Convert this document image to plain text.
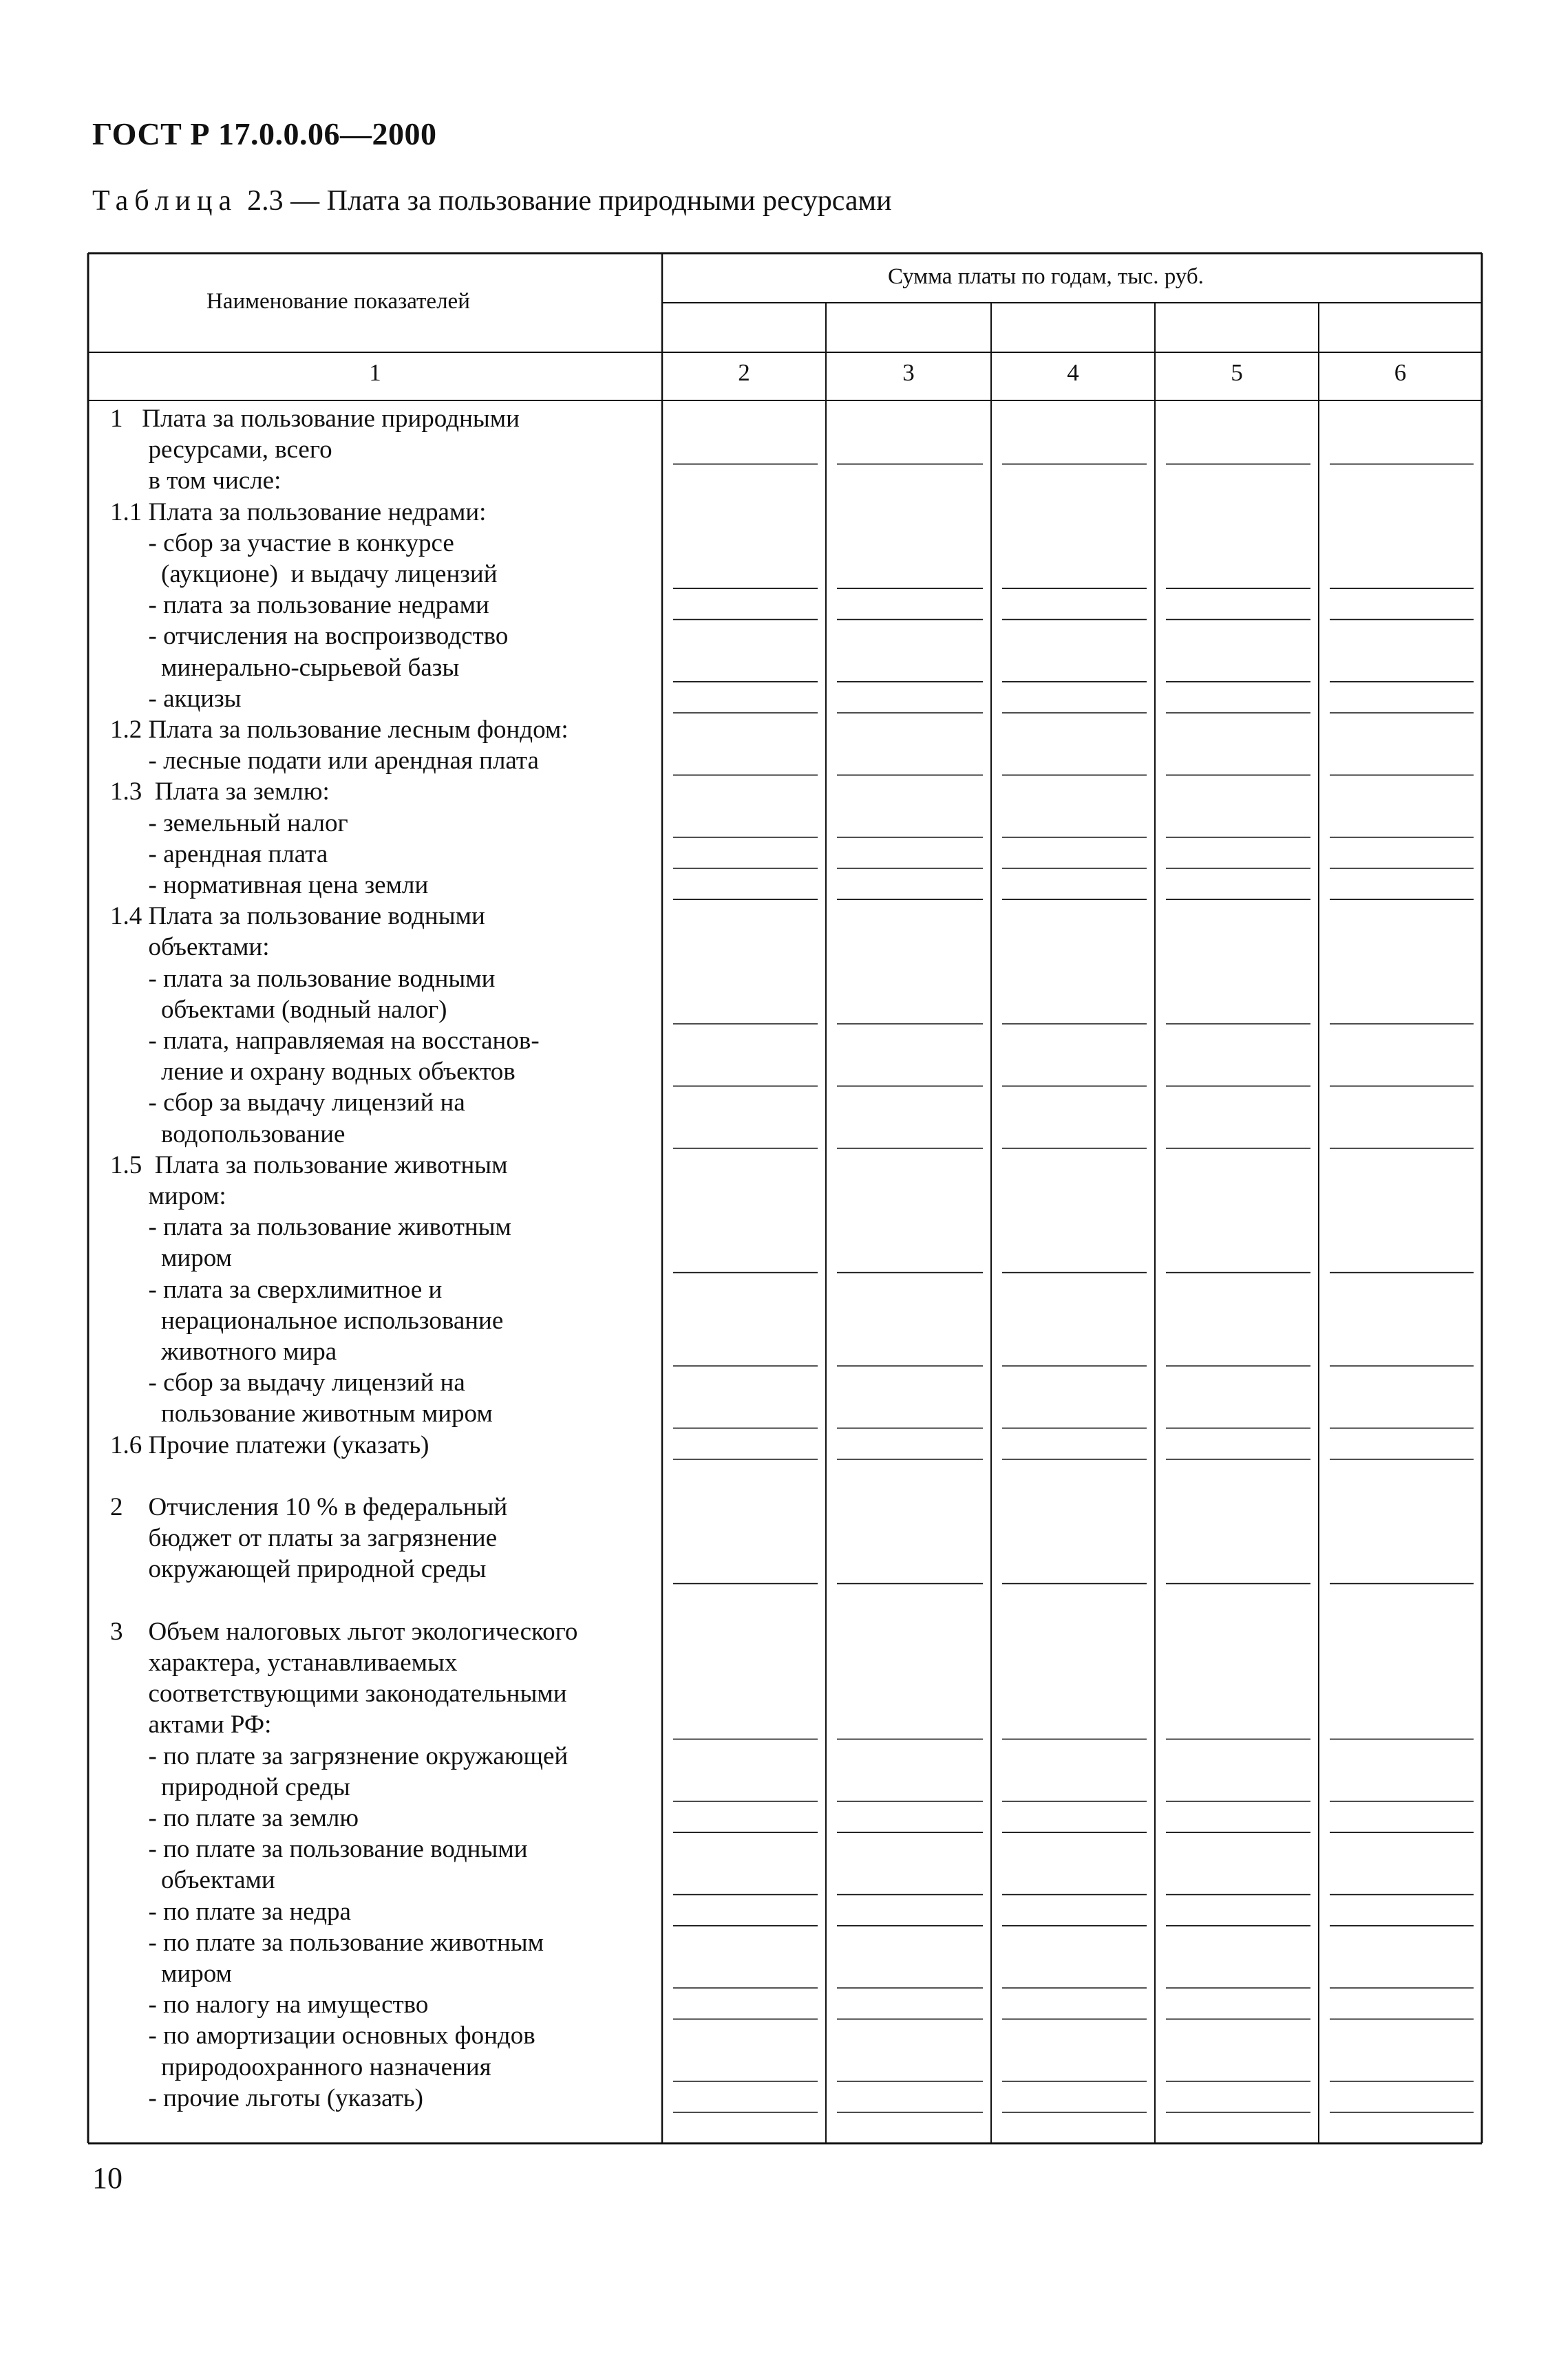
ГОСТ Р 17.0.0.06—2000
Таблица 2.3 — Плата за пользование природными ресурсами
Наименование показателей
Сумма платы по годам, тыс. руб.
1	2	3	4	5	6
1   Плата за пользование природными
ресурсами, всего
в том числе:
1.1 Плата за пользование недрами:
- сбор за участие в конкурсе
(аукционе)  и выдачу лицензий
- плата за пользование недрами
- отчисления на воспроизводство
минерально-сырьевой базы
- акцизы
1.2 Плата за пользование лесным фондом:
- лесные подати или арендная плата
1.3  Плата за землю:
- земельный налог
- арендная плата
- нормативная цена земли
1.4 Плата за пользование водными
объектами:
- плата за пользование водными
объектами (водный налог)
- плата, направляемая на восстанов-
ление и охрану водных объектов
- сбор за выдачу лицензий на
водопользование
1.5  Плата за пользование животным
миром:
- плата за пользование животным
миром
- плата за сверхлимитное и
нерациональное использование
животного мира
- сбор за выдачу лицензий на
пользование животным миром
1.6 Прочие платежи (указать)
2    Отчисления 10 % в федеральный
бюджет от платы за загрязнение
окружающей природной среды
3    Объем налоговых льгот экологического
характера, устанавливаемых
соответствующими законодательными
актами РФ:
- по плате за загрязнение окружающей
природной среды
- по плате за землю
- по плате за пользование водными
объектами
- по плате за недра
- по плате за пользование животным
миром
- по налогу на имущество
- по амортизации основных фондов
природоохранного назначения
- прочие льготы (указать)
10
